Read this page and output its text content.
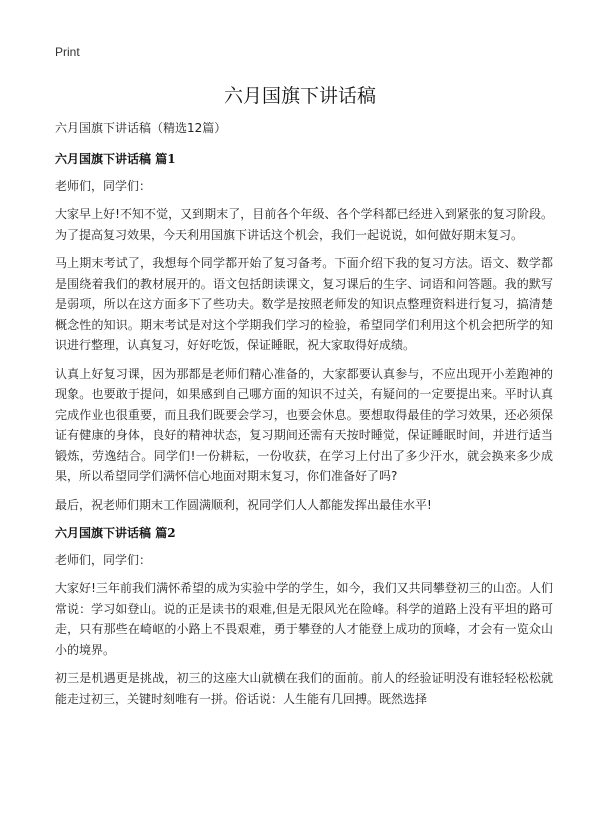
Print
六月国旗下讲话稿

六月国旗下讲话稿（精选12篇）

六月国旗下讲话稿 篇1

老师们，同学们：

大家早上好!不知不觉，又到期末了，目前各个年级、各个学科都已经进入到紧张的复习阶段。为了提高复习效果，今天利用国旗下讲话这个机会，我们一起说说，如何做好期末复习。

马上期末考试了，我想每个同学都开始了复习备考。下面介绍下我的复习方法。语文、数学都是围绕着我们的教材展开的。语文包括朗读课文，复习课后的生字、词语和问答题。我的默写是弱项，所以在这方面多下了些功夫。数学是按照老师发的知识点整理资料进行复习，搞清楚概念性的知识。期末考试是对这个学期我们学习的检验，希望同学们利用这个机会把所学的知识进行整理，认真复习，好好吃饭，保证睡眠，祝大家取得好成绩。

认真上好复习课，因为那都是老师们精心准备的，大家都要认真参与，不应出现开小差跑神的现象。也要敢于提问，如果感到自己哪方面的知识不过关，有疑问的一定要提出来。平时认真完成作业也很重要，而且我们既要会学习，也要会休息。要想取得最佳的学习效果，还必须保证有健康的身体，良好的精神状态，复习期间还需有天按时睡觉，保证睡眠时间，并进行适当锻炼，劳逸结合。同学们!一份耕耘，一份收获，在学习上付出了多少汗水，就会换来多少成果，所以希望同学们满怀信心地面对期末复习，你们准备好了吗?

最后，祝老师们期末工作圆满顺利，祝同学们人人都能发挥出最佳水平!

六月国旗下讲话稿 篇2

老师们，同学们：

大家好!三年前我们满怀希望的成为实验中学的学生，如今，我们又共同攀登初三的山峦。人们常说：学习如登山。说的正是读书的艰难,但是无限风光在险峰。科学的道路上没有平坦的路可走，只有那些在崎岖的小路上不畏艰难，勇于攀登的人才能登上成功的顶峰，才会有一览众山小的境界。

初三是机遇更是挑战，初三的这座大山就横在我们的面前。前人的经验证明没有谁轻轻松松就能走过初三，关键时刻唯有一拼。俗话说：人生能有几回搏。既然选择
